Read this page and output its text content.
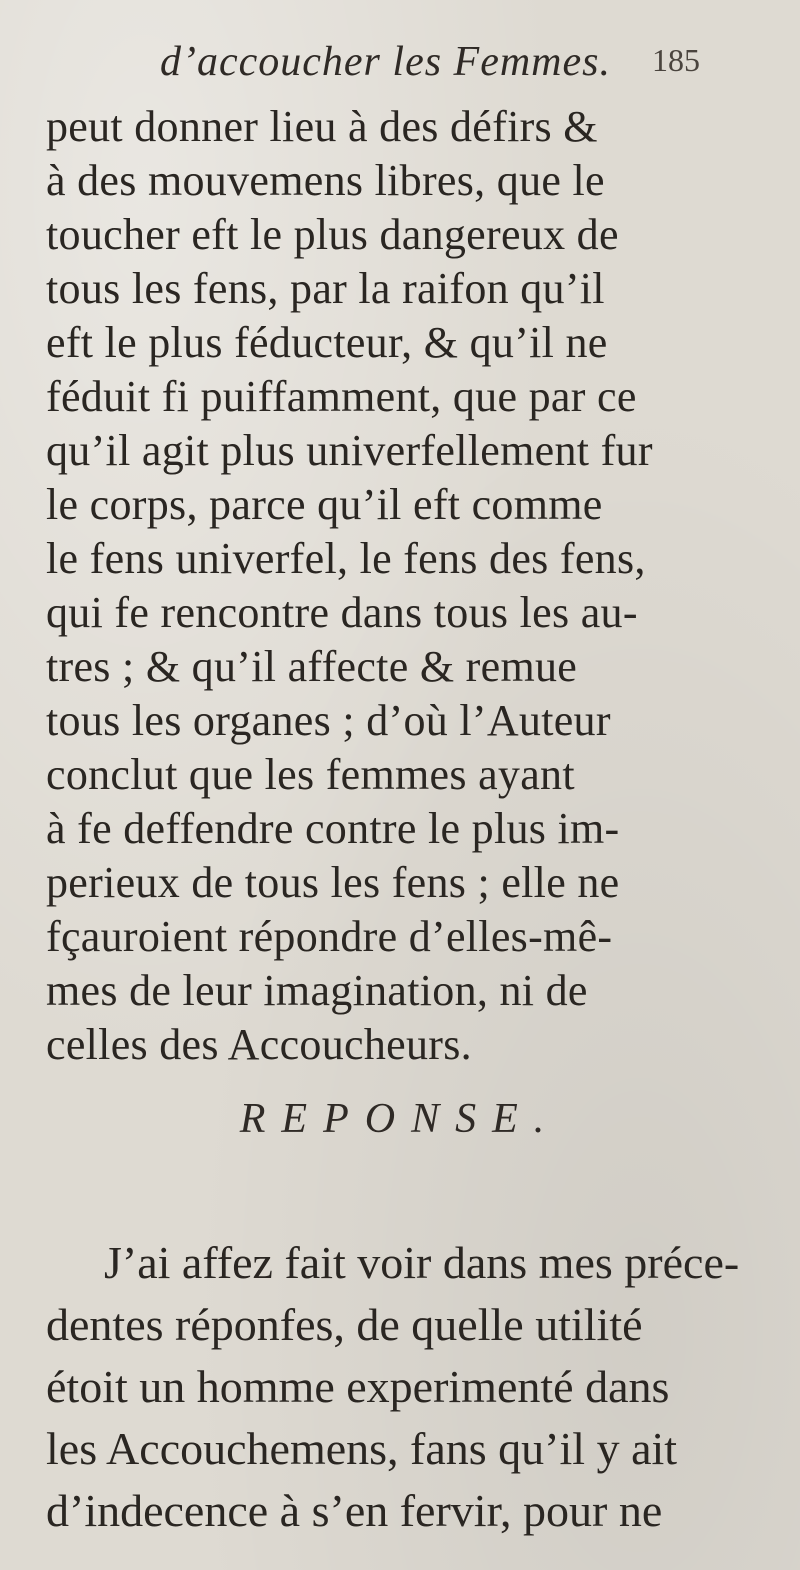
d’accoucher les Femmes. 185
peut donner lieu à des défirs &
à des mouvemens libres, que le
toucher eft le plus dangereux de
tous les fens, par la raifon qu’il
eft le plus féducteur, & qu’il ne
féduit fi puiffamment, que par ce
qu’il agit plus univerfellement fur
le corps, parce qu’il eft comme
le fens univerfel, le fens des fens,
qui fe rencontre dans tous les au-
tres ; & qu’il affecte & remue
tous les organes ; d’où l’Auteur
conclut que les femmes ayant
à fe deffendre contre le plus im-
perieux de tous les fens ; elle ne
fçauroient répondre d’elles-mê-
mes de leur imagination, ni de
celles des Accoucheurs.
REPONSE.
J’ai affez fait voir dans mes préce-
dentes réponfes, de quelle utilité
étoit un homme experimenté dans
les Accouchemens, fans qu’il y ait
d’indecence à s’en fervir, pour ne
